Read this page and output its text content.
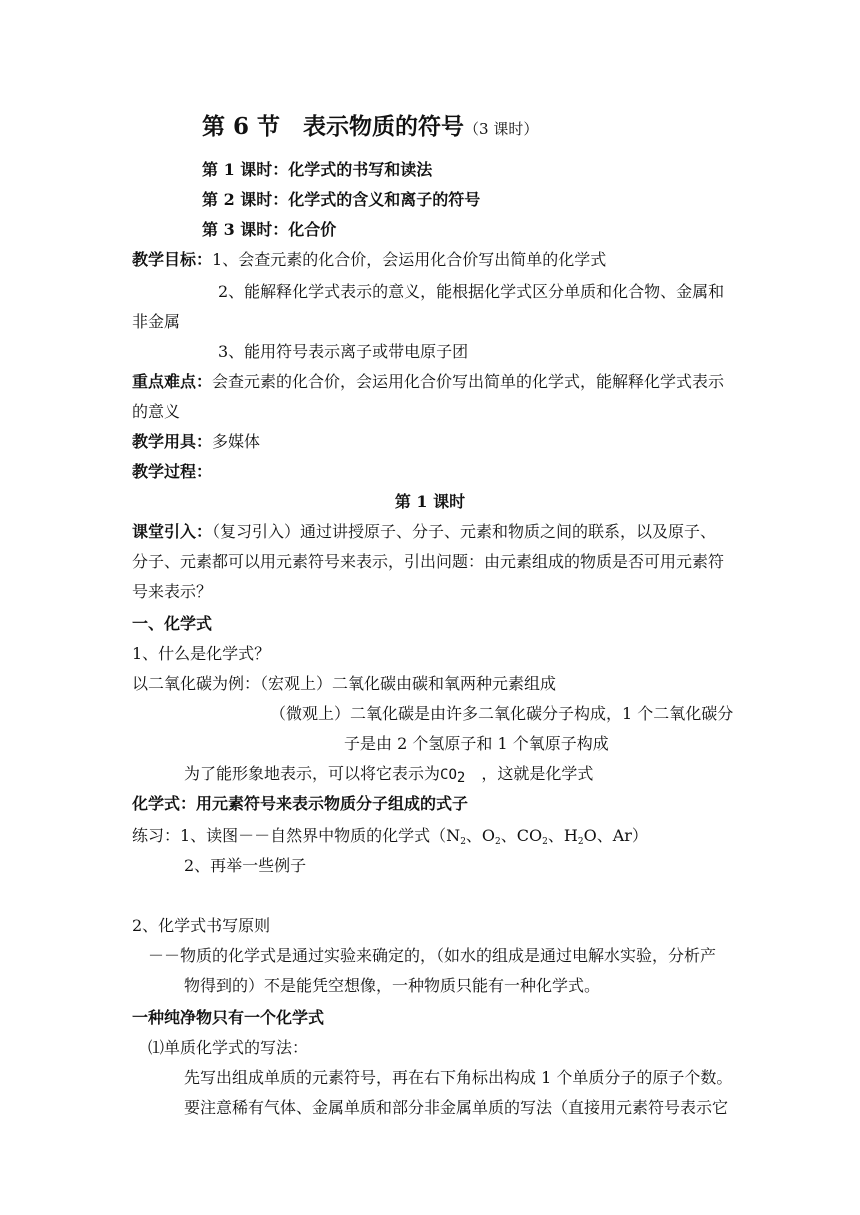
第 6 节　表示物质的符号（3 课时）
第 1 课时：化学式的书写和读法
第 2 课时：化学式的含义和离子的符号
第 3 课时：化合价
教学目标：1、会查元素的化合价，会运用化合价写出简单的化学式
2、能解释化学式表示的意义，能根据化学式区分单质和化合物、金属和
非金属
3、能用符号表示离子或带电原子团
重点难点：会查元素的化合价，会运用化合价写出简单的化学式，能解释化学式表示
的意义
教学用具：多媒体
教学过程：
第 1 课时
课堂引入：（复习引入）通过讲授原子、分子、元素和物质之间的联系，以及原子、
分子、元素都可以用元素符号来表示，引出问题：由元素组成的物质是否可用元素符
号来表示？
一、化学式
1、什么是化学式？
以二氧化碳为例：（宏观上）二氧化碳由碳和氧两种元素组成
（微观上）二氧化碳是由许多二氧化碳分子构成，1 个二氧化碳分
子是由 2 个氢原子和 1 个氧原子构成
为了能形象地表示，可以将它表示为CO2　，这就是化学式
化学式：用元素符号来表示物质分子组成的式子
练习：1、读图－－自然界中物质的化学式（N2、O2、CO2、H2O、Ar）
2、再举一些例子
2、化学式书写原则
－－物质的化学式是通过实验来确定的，（如水的组成是通过电解水实验，分析产
物得到的）不是能凭空想像，一种物质只能有一种化学式。
一种纯净物只有一个化学式
⑴单质化学式的写法：
先写出组成单质的元素符号，再在右下角标出构成 1 个单质分子的原子个数。
要注意稀有气体、金属单质和部分非金属单质的写法（直接用元素符号表示它
